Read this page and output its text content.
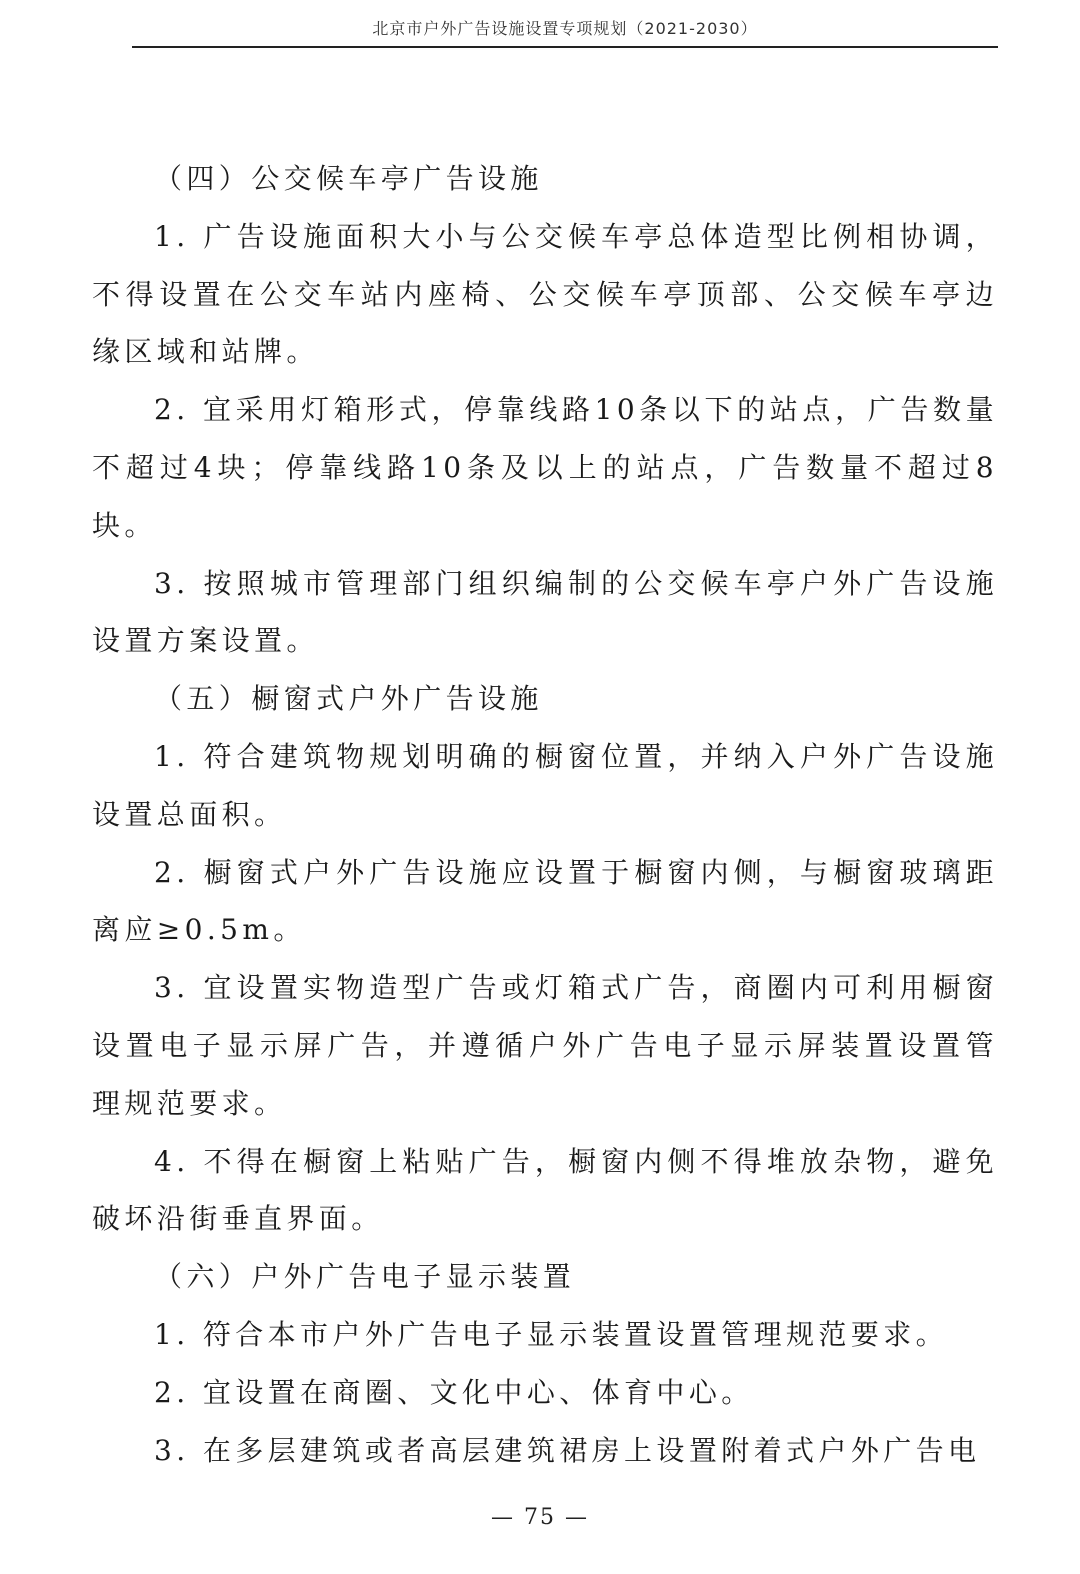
北京市户外广告设施设置专项规划（2021-2030）

（四）公交候车亭广告设施

1. 广告设施面积大小与公交候车亭总体造型比例相协调，不得设置在公交车站内座椅、公交候车亭顶部、公交候车亭边缘区域和站牌。

2. 宜采用灯箱形式，停靠线路10条以下的站点，广告数量不超过4块；停靠线路10条及以上的站点，广告数量不超过8块。

3. 按照城市管理部门组织编制的公交候车亭户外广告设施设置方案设置。

（五）橱窗式户外广告设施

1. 符合建筑物规划明确的橱窗位置，并纳入户外广告设施设置总面积。

2. 橱窗式户外广告设施应设置于橱窗内侧，与橱窗玻璃距离应≥0.5m。

3. 宜设置实物造型广告或灯箱式广告，商圈内可利用橱窗设置电子显示屏广告，并遵循户外广告电子显示屏装置设置管理规范要求。

4. 不得在橱窗上粘贴广告，橱窗内侧不得堆放杂物，避免破坏沿街垂直界面。

（六）户外广告电子显示装置

1. 符合本市户外广告电子显示装置设置管理规范要求。

2. 宜设置在商圈、文化中心、体育中心。

3. 在多层建筑或者高层建筑裙房上设置附着式户外广告电

— 75 —
